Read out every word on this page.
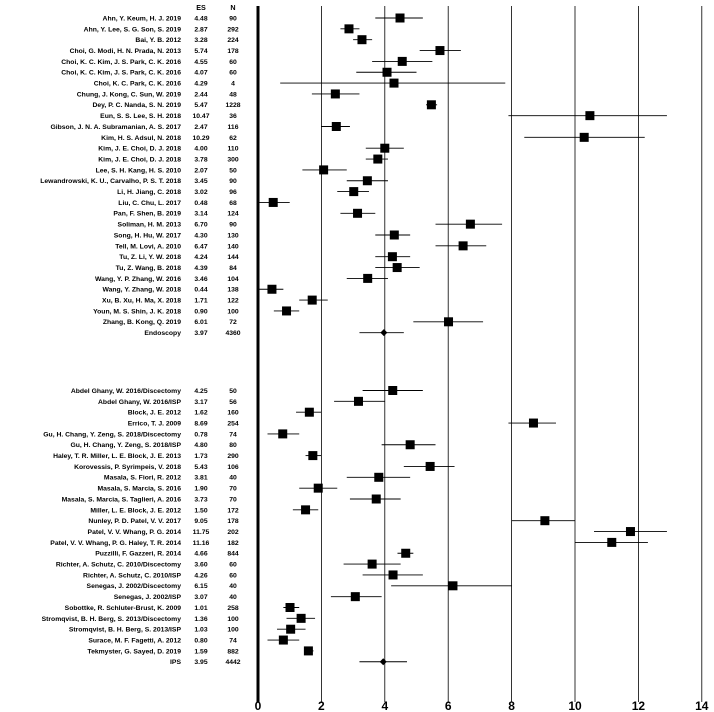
0	2	4	6	8	10	12	14
ES	N
Ahn, Y. Keum, H. J. 2019 4.48	90
Ahn, Y. Lee, S. G. Son, S. 2019 2.87	292
Bai, Y. B. 2012 3.28	224
Choi, G. Modi, H. N. Prada, N. 2013 5.74	178
Choi, K. C. Kim, J. S. Park, C. K. 2016 4.55	60
Choi, K. C. Kim, J. S. Park, C. K. 2016 4.07	60
Choi, K. C. Park, C. K. 2016 4.29	4
Chung, J. Kong, C. Sun, W. 2019 2.44	48
Dey, P. C. Nanda, S. N. 2019 5.47	1228
Eun, S. S. Lee, S. H. 2018 10.47	36
Gibson, J. N. A. Subramanian, A. S. 2017 2.47	116
Kim, H. S. Adsul, N. 2018 10.29	62
Kim, J. E. Choi, D. J. 2018 4.00	110
Kim, J. E. Choi, D. J. 2018 3.78	300
Lee, S. H. Kang, H. S. 2010 2.07	50
Lewandrowski, K. U., Carvalho, P. S. T. 2018 3.45	90
Li, H. Jiang, C. 2018 3.02	96
Liu, C. Chu, L. 2017 0.48	68
Pan, F. Shen, B. 2019 3.14	124
Soliman, H. M. 2013 6.70	90
Song, H. Hu, W. 2017 4.30	130
Tell, M. Lovi, A. 2010 6.47	140
Tu, Z. Li, Y. W. 2018 4.24	144
Tu, Z. Wang, B. 2018 4.39	84
Wang, Y. P. Zhang, W. 2016 3.46	104
Wang, Y. Zhang, W. 2018 0.44	138
Xu, B. Xu, H. Ma, X. 2018 1.71	122
Youn, M. S. Shin, J. K. 2018 0.90	100
Zhang, B. Kong, Q. 2019 6.01	72
Endoscopy 3.97	4360
Abdel Ghany, W. 2016/Discectomy 4.25	50
Abdel Ghany, W. 2016/ISP 3.17	56
Block, J. E. 2012 1.62	160
Errico, T. J. 2009 8.69	254
Gu, H. Chang, Y. Zeng, S. 2018/Discectomy 0.78	74
Gu, H. Chang, Y. Zeng, S. 2018/ISP 4.80	80
Haley, T. R. Miller, L. E. Block, J. E. 2013 1.73	290
Korovessis, P. Syrimpeis, V. 2018 5.43	106
Masala, S. Fiori, R. 2012 3.81	40
Masala, S. Marcia, S. 2016 1.90	70
Masala, S. Marcia, S. Taglieri, A. 2016 3.73	70
Miller, L. E. Block, J. E. 2012 1.50	172
Nunley, P. D. Patel, V. V. 2017 9.05	178
Patel, V. V. Whang, P. G. 2014 11.75	202
Patel, V. V. Whang, P. G. Haley, T. R. 2014 11.16	182
Puzzilli, F. Gazzeri, R. 2014 4.66	844
Richter, A. Schutz, C. 2010/Discectomy 3.60	60
Richter, A. Schutz, C. 2010/ISP 4.26	60
Senegas, J. 2002/Discectomy 6.15	40
Senegas, J. 2002/ISP 3.07	40
Sobottke, R. Schluter-Brust, K. 2009 1.01	258
Stromqvist, B. H. Berg, S. 2013/Discectomy 1.36	100
Stromqvist, B. H. Berg, S. 2013/ISP 1.03	100
Surace, M. F. Fagetti, A. 2012 0.80	74
Tekmyster, G. Sayed, D. 2019 1.59	882
IPS 3.95	4442
